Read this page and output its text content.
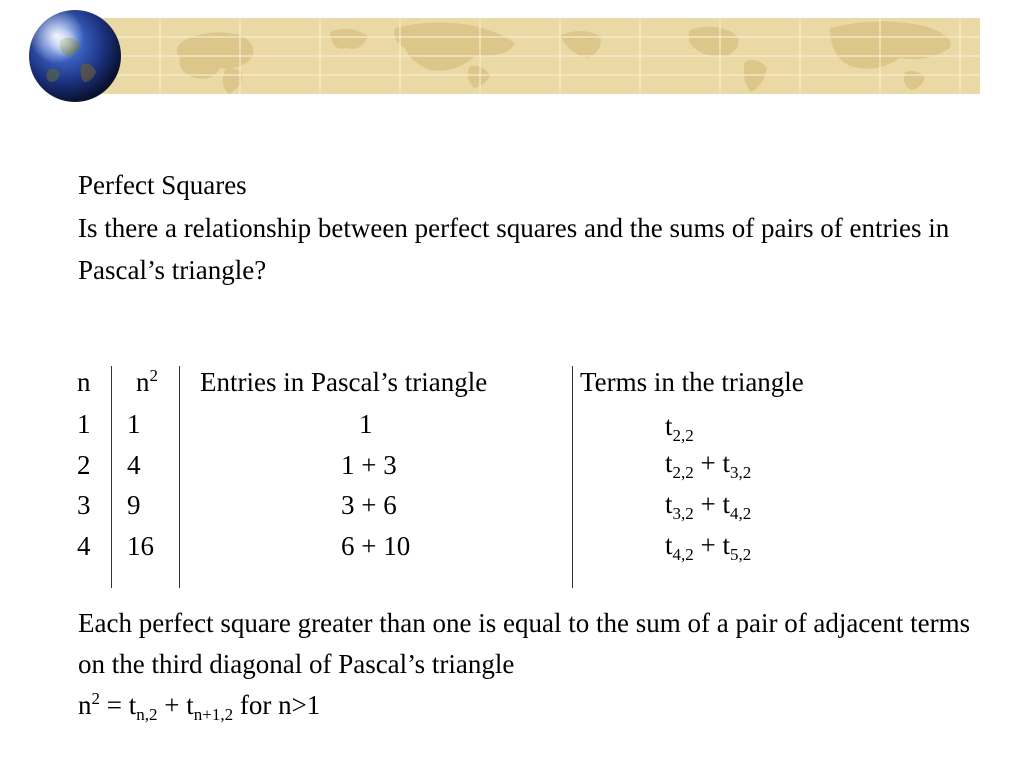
Perfect Squares
Is there a relationship between perfect squares and the sums of pairs of entries in Pascal’s triangle?
n $n^2$ Entries in Pascal’s triangle	Terms in the triangle
1 1	1	$t_{2,2}$
2 4	1 + 3	$t_{2,2} + t_{3,2}$
3 9	3 + 6	$t_{3,2} + t_{4,2}$
4 16	6 + 10	$t_{4,2} + t_{5,2}$
Each perfect square greater than one is equal to the sum of a pair of adjacent terms on the third diagonal of Pascal’s triangle
$n^2 = t_{n,2} + t_{n+1,2}$ for n>1
